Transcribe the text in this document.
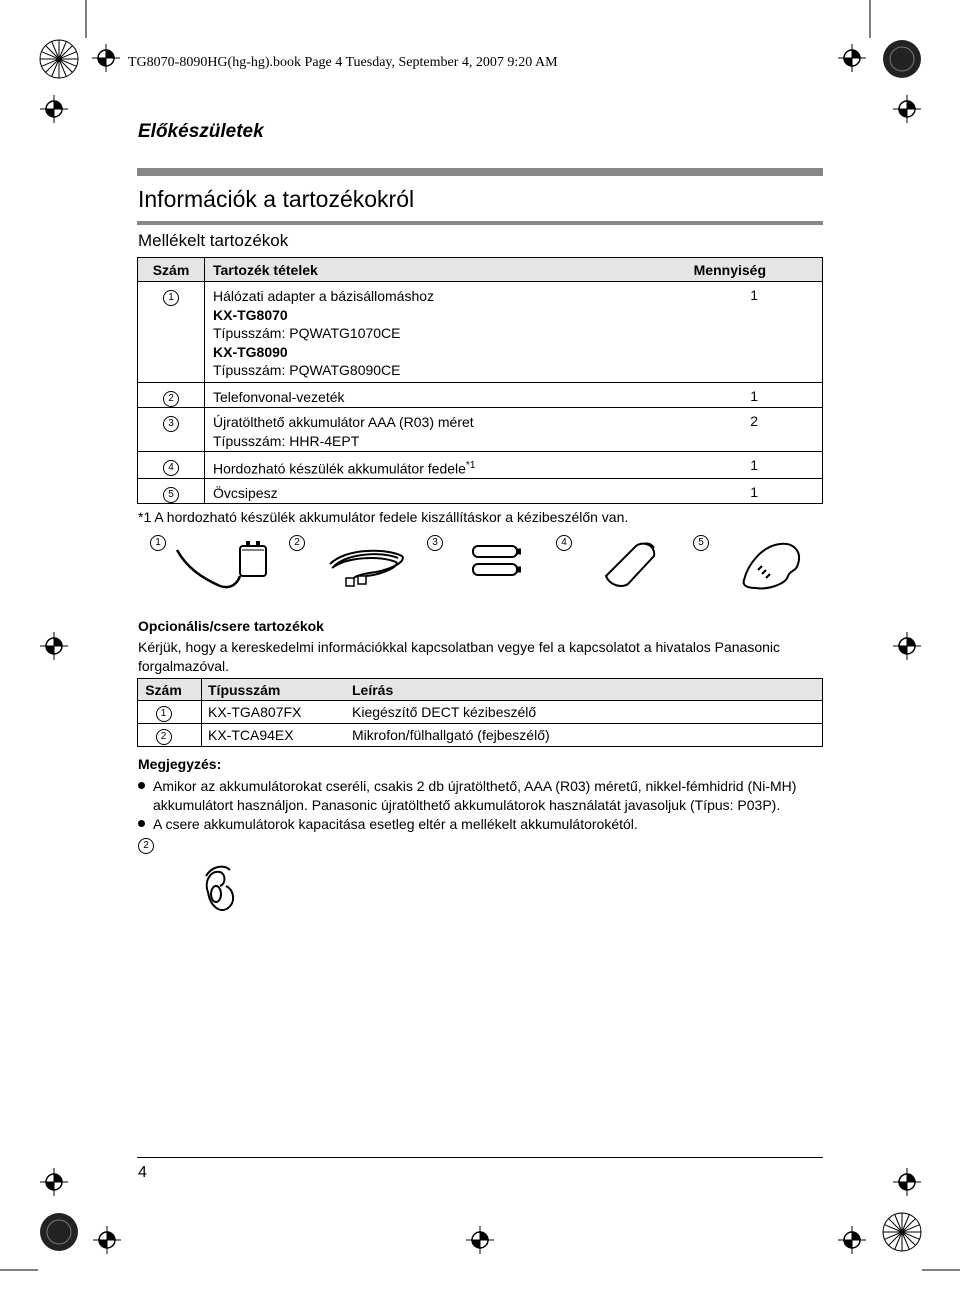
TG8070-8090HG(hg-hg).book Page 4 Tuesday, September 4, 2007 9:20 AM
Előkészületek
Információk a tartozékokról
Mellékelt tartozékok
Szám	Tartozék tételek	Mennyiség
1	Hálózati adapter a bázisállomáshoz
KX-TG8070
Típusszám: PQWATG1070CE
KX-TG8090
Típusszám: PQWATG8090CE	1
2	Telefonvonal-vezeték	1
3	Újratölthető akkumulátor AAA (R03) méret
Típusszám: HHR-4EPT	2
4	Hordozható készülék akkumulátor fedele$^{*1}$	1
5	Övcsipesz	1
*1 A hordozható készülék akkumulátor fedele kiszállításkor a kézibeszélőn van.
1	2	3	4	5
Opcionális/csere tartozékok
Kérjük, hogy a kereskedelmi információkkal kapcsolatban vegye fel a kapcsolatot a hivatalos Panasonic forgalmazóval.
Szám	Típusszám	Leírás
1	KX-TGA807FX	Kiegészítő DECT kézibeszélő
2	KX-TCA94EX	Mikrofon/fülhallgató (fejbeszélő)
Megjegyzés:
Amikor az akkumulátorokat cseréli, csakis 2 db újratölthető, AAA (R03) méretű, nikkel-fémhidrid (Ni-MH) akkumulátort használjon. Panasonic újratölthető akkumulátorok használatát javasoljuk (Típus: P03P).
A csere akkumulátorok kapacitása esetleg eltér a mellékelt akkumulátorokétól.
2
4
